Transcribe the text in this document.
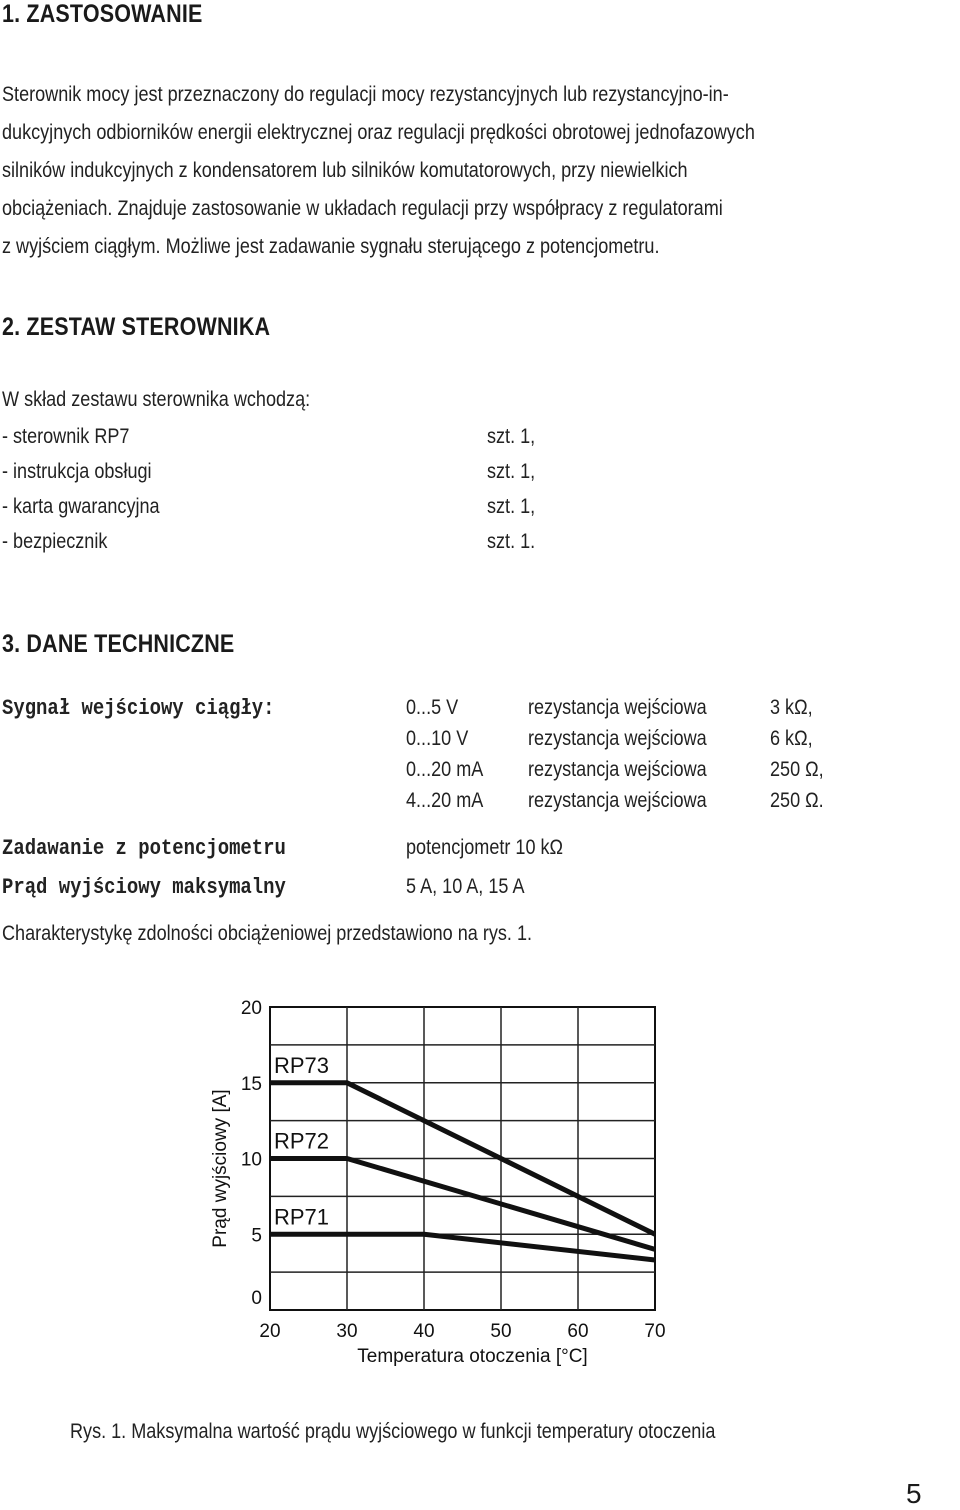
1. ZASTOSOWANIE
Sterownik mocy jest przeznaczony do regulacji mocy rezystancyjnych lub rezystancyjno-in-
dukcyjnych odbiorników energii elektrycznej oraz regulacji prędkości obrotowej jednofazowych
silników indukcyjnych z kondensatorem lub silników komutatorowych, przy niewielkich
obciążeniach. Znajduje zastosowanie w układach regulacji przy współpracy z regulatorami
z wyjściem ciągłym. Możliwe jest zadawanie sygnału sterującego z potencjometru.
2. ZESTAW STEROWNIKA
W skład zestawu sterownika wchodzą:
- sterownik RP7	szt. 1,
- instrukcja obsługi	szt. 1,
- karta gwarancyjna	szt. 1,
- bezpiecznik	szt. 1.
3. DANE TECHNICZNE
Sygnał wejściowy ciągły:	0...5 V	rezystancja wejściowa	3 kΩ,
0...10 V	rezystancja wejściowa	6 kΩ,
0...20 mA rezystancja wejściowa	250 Ω,
4...20 mA rezystancja wejściowa	250 Ω.
Zadawanie z potencjometru	potencjometr 10 kΩ
Prąd wyjściowy maksymalny	5 A, 10 A, 15 A
Charakterystykę zdolności obciążeniowej przedstawiono na rys. 1.
20	30	40	50	60	70
0
5
10
15
20
Temperatura otoczenia [°C]
Prąd wyjściowy [A]
RP73
RP72
RP71
Rys. 1. Maksymalna wartość prądu wyjściowego w funkcji temperatury otoczenia
5
